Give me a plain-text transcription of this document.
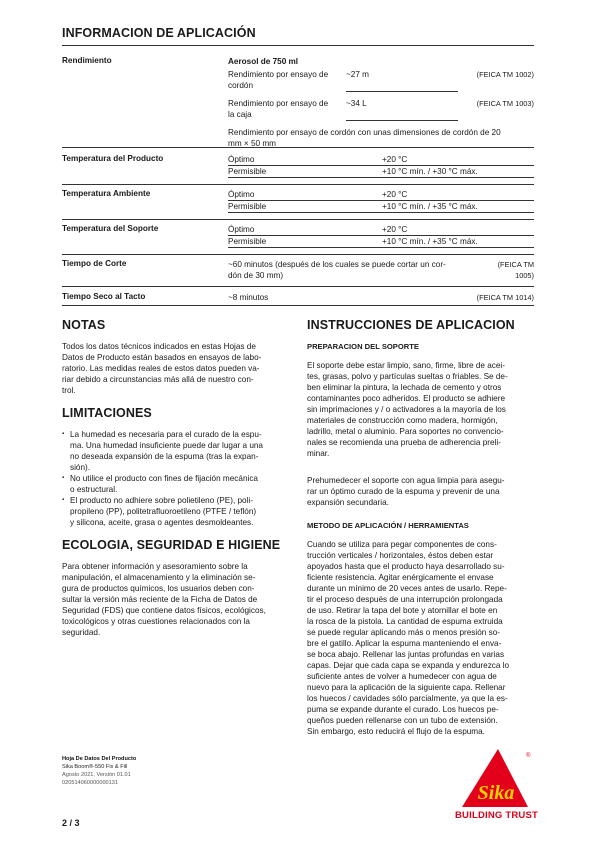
INFORMACION DE APLICACIÓN
Rendimiento	Aerosol de 750 ml
Rendimiento por ensayo de
cordón
~27 m	(FEICA TM 1002)
Rendimiento por ensayo de
la caja
~34 L	(FEICA TM 1003)
Rendimiento por ensayo de cordón con unas dimensiones de cordón de 20
mm × 50 mm
Temperatura del Producto	Óptimo	+20 °C
Permisible	+10 °C mín. / +30 °C máx.
Temperatura Ambiente	Óptimo	+20 °C
Permisible	+10 °C mín. / +35 °C máx.
Temperatura del Soporte	Óptimo	+20 °C
Permisible	+10 °C mín. / +35 °C máx.
Tiempo de Corte	~60 minutos (después de los cuales se puede cortar un cor-
dón de 30 mm)
(FEICA TM
1005)
Tiempo Seco al Tacto	~8 minutos	(FEICA TM 1014)
NOTAS
Todos los datos técnicos indicados en estas Hojas de
Datos de Producto están basados en ensayos de labo-
ratorio. Las medidas reales de estos datos pueden va-
riar debido a circunstancias más allá de nuestro con-
trol.
LIMITACIONES
▪ La humedad es necesaria para el curado de la espu-
ma. Una humedad insuficiente puede dar lugar a una
no deseada expansión de la espuma (tras la expan-
sión).
▪ No utilice el producto con fines de fijación mecánica
o estructural.
▪ El producto no adhiere sobre polietileno (PE), poli-
propileno (PP), politetrafluoroetileno (PTFE / teflón)
y silicona, aceite, grasa o agentes desmoldeantes.
ECOLOGIA, SEGURIDAD E HIGIENE
Para obtener información y asesoramiento sobre la
manipulación, el almacenamiento y la eliminación se-
gura de productos químicos, los usuarios deben con-
sultar la versión más reciente de la Ficha de Datos de
Seguridad (FDS) que contiene datos físicos, ecológicos,
toxicológicos y otras cuestiones relacionados con la
seguridad.
INSTRUCCIONES DE APLICACION
PREPARACION DEL SOPORTE
El soporte debe estar limpio, sano, firme, libre de acei-
tes, grasas, polvo y partículas sueltas o friables. Se de-
ben eliminar la pintura, la lechada de cemento y otros
contaminantes poco adheridos. El producto se adhiere
sin imprimaciones y / o activadores a la mayoría de los
materiales de construcción como madera, hormigón,
ladrillo, metal o aluminio. Para soportes no convencio-
nales se recomienda una prueba de adherencia preli-
minar.
Prehumedecer el soporte con agua limpia para asegu-
rar un óptimo curado de la espuma y prevenir de una
expansión secundaria.
METODO DE APLICACIÓN / HERRAMIENTAS
Cuando se utiliza para pegar componentes de cons-
trucción verticales / horizontales, éstos deben estar
apoyados hasta que el producto haya desarrollado su-
ficiente resistencia. Agitar enérgicamente el envase
durante un mínimo de 20 veces antes de usarlo. Repe-
tir el proceso después de una interrupción prolongada
de uso. Retirar la tapa del bote y atornillar el bote en
la rosca de la pistola. La cantidad de espuma extruida
se puede regular aplicando más o menos presión so-
bre el gatillo. Aplicar la espuma manteniendo el enva-
se boca abajo. Rellenar las juntas profundas en varias
capas. Dejar que cada capa se expanda y endurezca lo
suficiente antes de volver a humedecer con agua de
nuevo para la aplicación de la siguiente capa. Rellenar
los huecos / cavidades sólo parcialmente, ya que la es-
puma se expande durante el curado. Los huecos pe-
queños pueden rellenarse con un tubo de extensión.
Sin embargo, esto reducirá el flujo de la espuma.
Hoja De Datos Del Producto
Sika Boom®-550 Fix & Fill
Agosto 2021, Versión 01.01
020514060000000131
2 / 3
Sika
®
BUILDING TRUST
